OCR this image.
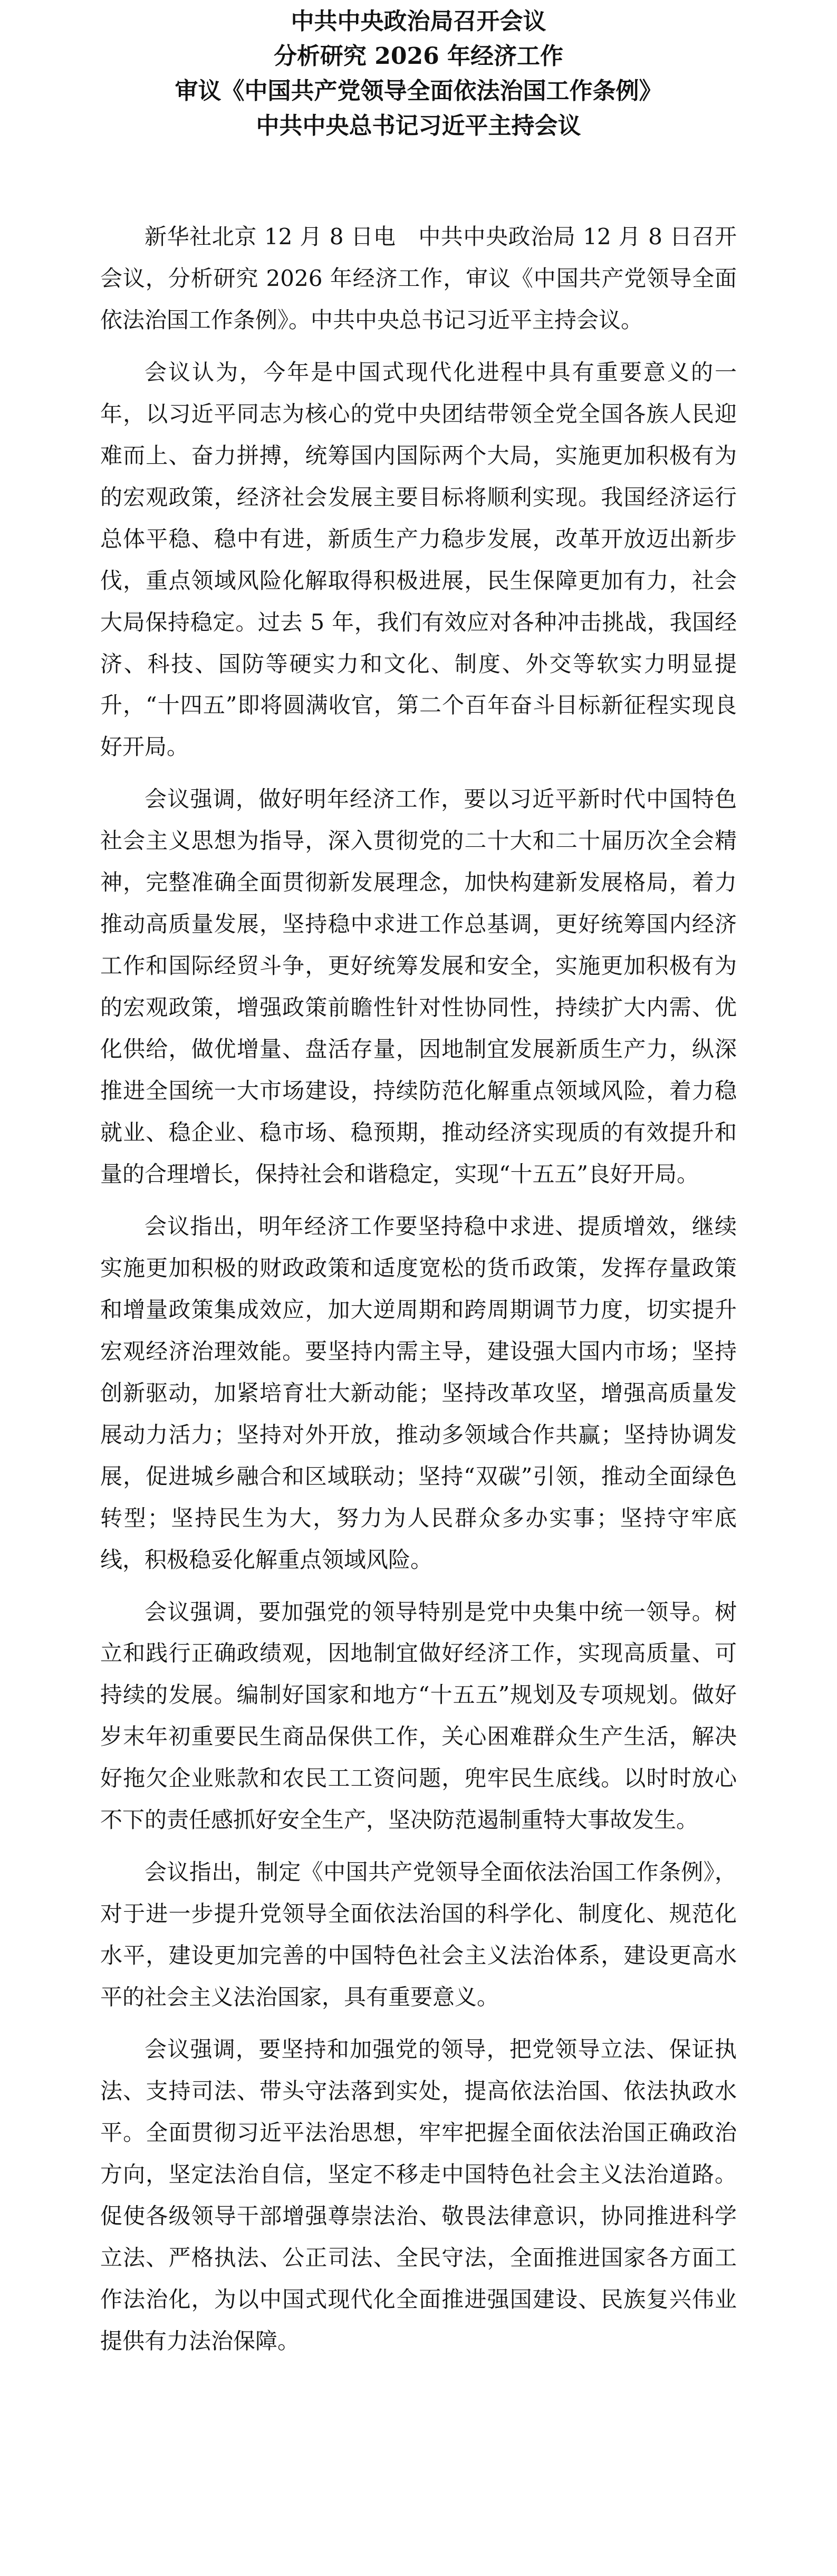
中共中央政治局召开会议

分析研究 2026 年经济工作

审议《中国共产党领导全面依法治国工作条例》

中共中央总书记习近平主持会议

新华社北京 12 月 8 日电　中共中央政治局 12 月 8 日召开会议，分析研究 2026 年经济工作，审议《中国共产党领导全面依法治国工作条例》。中共中央总书记习近平主持会议。

会议认为，今年是中国式现代化进程中具有重要意义的一年，以习近平同志为核心的党中央团结带领全党全国各族人民迎难而上、奋力拼搏，统筹国内国际两个大局，实施更加积极有为的宏观政策，经济社会发展主要目标将顺利实现。我国经济运行总体平稳、稳中有进，新质生产力稳步发展，改革开放迈出新步伐，重点领域风险化解取得积极进展，民生保障更加有力，社会大局保持稳定。过去 5 年，我们有效应对各种冲击挑战，我国经济、科技、国防等硬实力和文化、制度、外交等软实力明显提升，“十四五”即将圆满收官，第二个百年奋斗目标新征程实现良好开局。

会议强调，做好明年经济工作，要以习近平新时代中国特色社会主义思想为指导，深入贯彻党的二十大和二十届历次全会精神，完整准确全面贯彻新发展理念，加快构建新发展格局，着力推动高质量发展，坚持稳中求进工作总基调，更好统筹国内经济工作和国际经贸斗争，更好统筹发展和安全，实施更加积极有为的宏观政策，增强政策前瞻性针对性协同性，持续扩大内需、优化供给，做优增量、盘活存量，因地制宜发展新质生产力，纵深推进全国统一大市场建设，持续防范化解重点领域风险，着力稳就业、稳企业、稳市场、稳预期，推动经济实现质的有效提升和量的合理增长，保持社会和谐稳定，实现“十五五”良好开局。

会议指出，明年经济工作要坚持稳中求进、提质增效，继续实施更加积极的财政政策和适度宽松的货币政策，发挥存量政策和增量政策集成效应，加大逆周期和跨周期调节力度，切实提升宏观经济治理效能。要坚持内需主导，建设强大国内市场；坚持创新驱动，加紧培育壮大新动能；坚持改革攻坚，增强高质量发展动力活力；坚持对外开放，推动多领域合作共赢；坚持协调发展，促进城乡融合和区域联动；坚持“双碳”引领，推动全面绿色转型；坚持民生为大，努力为人民群众多办实事；坚持守牢底线，积极稳妥化解重点领域风险。

会议强调，要加强党的领导特别是党中央集中统一领导。树立和践行正确政绩观，因地制宜做好经济工作，实现高质量、可持续的发展。编制好国家和地方“十五五”规划及专项规划。做好岁末年初重要民生商品保供工作，关心困难群众生产生活，解决好拖欠企业账款和农民工工资问题，兜牢民生底线。以时时放心不下的责任感抓好安全生产，坚决防范遏制重特大事故发生。

会议指出，制定《中国共产党领导全面依法治国工作条例》，对于进一步提升党领导全面依法治国的科学化、制度化、规范化水平，建设更加完善的中国特色社会主义法治体系，建设更高水平的社会主义法治国家，具有重要意义。

会议强调，要坚持和加强党的领导，把党领导立法、保证执法、支持司法、带头守法落到实处，提高依法治国、依法执政水平。全面贯彻习近平法治思想，牢牢把握全面依法治国正确政治方向，坚定法治自信，坚定不移走中国特色社会主义法治道路。促使各级领导干部增强尊崇法治、敬畏法律意识，协同推进科学立法、严格执法、公正司法、全民守法，全面推进国家各方面工作法治化，为以中国式现代化全面推进强国建设、民族复兴伟业提供有力法治保障。
